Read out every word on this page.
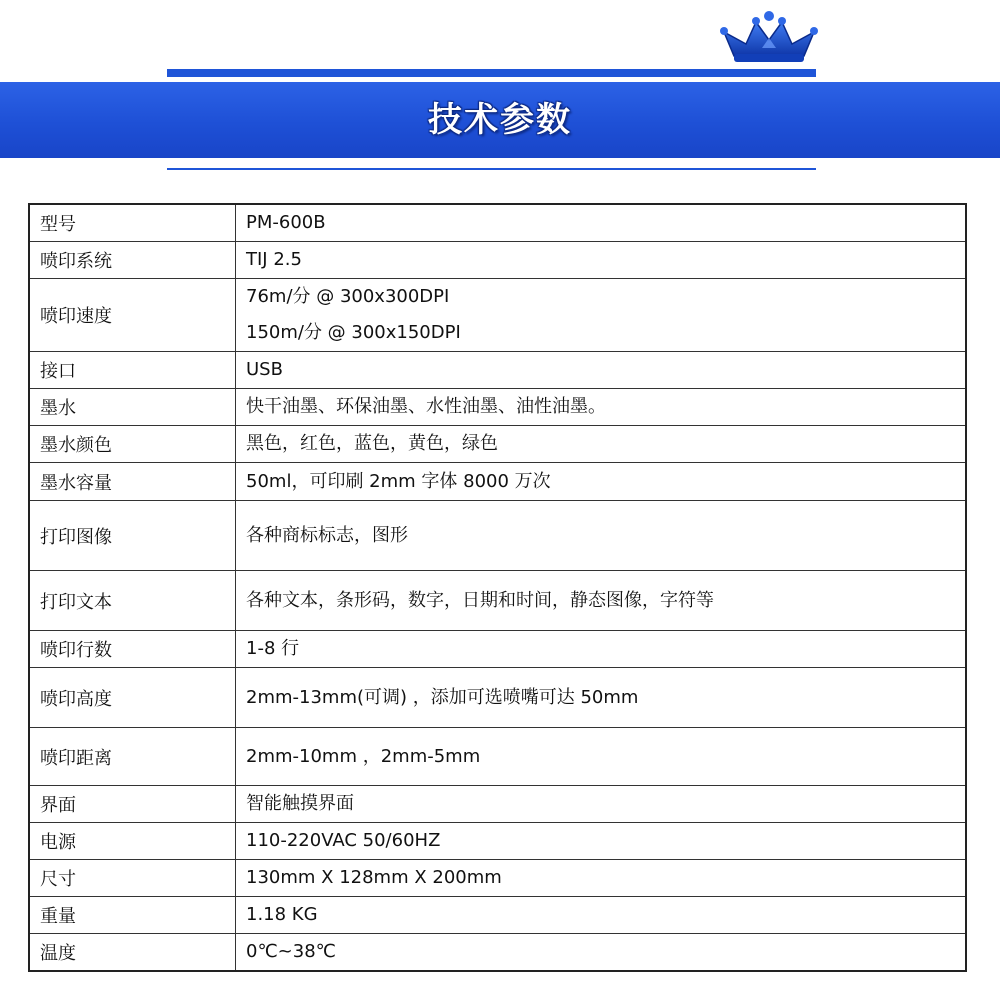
技术参数
型号	PM-600B

喷印系统	TIJ 2.5

喷印速度	76m/分 @ 300x300DPI
150m/分 @ 300x150DPI

接口	USB

墨水	快干油墨、环保油墨、水性油墨、油性油墨。

墨水颜色	黑色，红色，蓝色，黄色，绿色

墨水容量	50ml，可印刷 2mm 字体 8000 万次

打印图像	各种商标标志，图形

打印文本	各种文本，条形码，数字，日期和时间，静态图像，字符等

喷印行数	1-8 行

喷印高度	2mm-13mm(可调) ，添加可选喷嘴可达 50mm

喷印距离	2mm-10mm ，2mm-5mm

界面	智能触摸界面

电源	110-220VAC 50/60HZ

尺寸	130mm X 128mm X 200mm

重量	1.18 KG

温度	0℃~38℃
